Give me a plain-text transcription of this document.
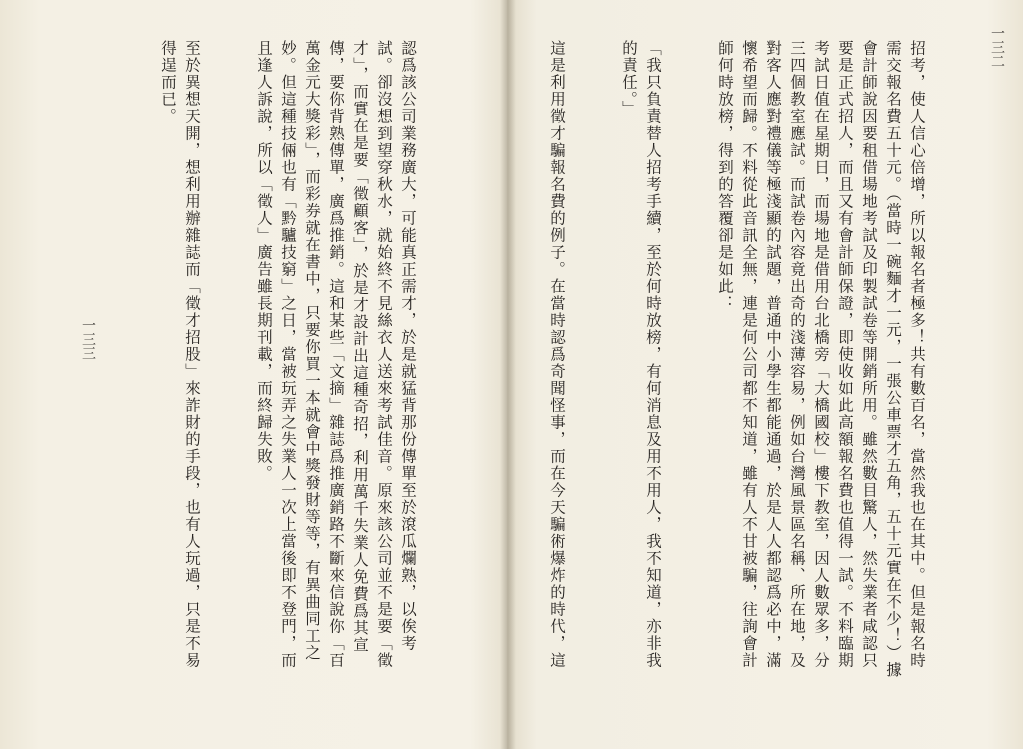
認爲該公司業務廣大，可能真正需才，於是就猛背那份傳單至於滾瓜爛熟，以俟考試。卻沒想到望穿秋水，就始終不見絲衣人送來考試佳音。原來該公司並不是要「徵才」，而實在是要「徵顧客」，於是才設計出這種奇招，利用萬千失業人免費爲其宣傳，要你背熟傳單，廣爲推銷。這和某些「文摘」雜誌爲推廣銷路不斷來信說你「百萬金元大獎彩」，而彩券就在書中，只要你買一本就會中獎發財等等，有異曲同工之妙。但這種技倆也有「黔驢技窮」之日，當被玩弄之失業人一次上當後即不登門，而且逢人訴說，所以「徵人」廣告雖長期刊載，而終歸失敗。

至於異想天開，想利用辦雜誌而「徵才招股」來詐財的手段，也有人玩過，只是不易得逞而已。

一三三

	招考，使人信心倍增，所以報名者極多！共有數百名，當然我也在其中。但是報名時需交報名費五十元。（當時一碗麵才一元，一張公車票才五角，五十元實在不少！）據會計師說因要租借場地考試及印製試卷等開銷所用。雖然數目驚人，然失業者咸認只要是正式招人，而且又有會計師保證，即使收如此高額報名費也值得一試。不料臨期考試日值在星期日，而場地是借用台北橋旁「大橋國校」樓下教室，因人數眾多，分三四個教室應試。而試卷內容竟出奇的淺薄容易，例如台灣風景區名稱、所在地，及對客人應對禮儀等極淺顯的試題，普通中小學生都能通過，於是人人都認爲必中，滿懷希望而歸。不料從此音訊全無，連是何公司都不知道，雖有人不甘被騙，往詢會計師何時放榜，得到的答覆卻是如此：

「我只負責替人招考手續，至於何時放榜，有何消息及用不用人，我不知道，亦非我的責任。」

這是利用徵才騙報名費的例子。在當時認爲奇聞怪事，而在今天騙術爆炸的時代，這

一三二
